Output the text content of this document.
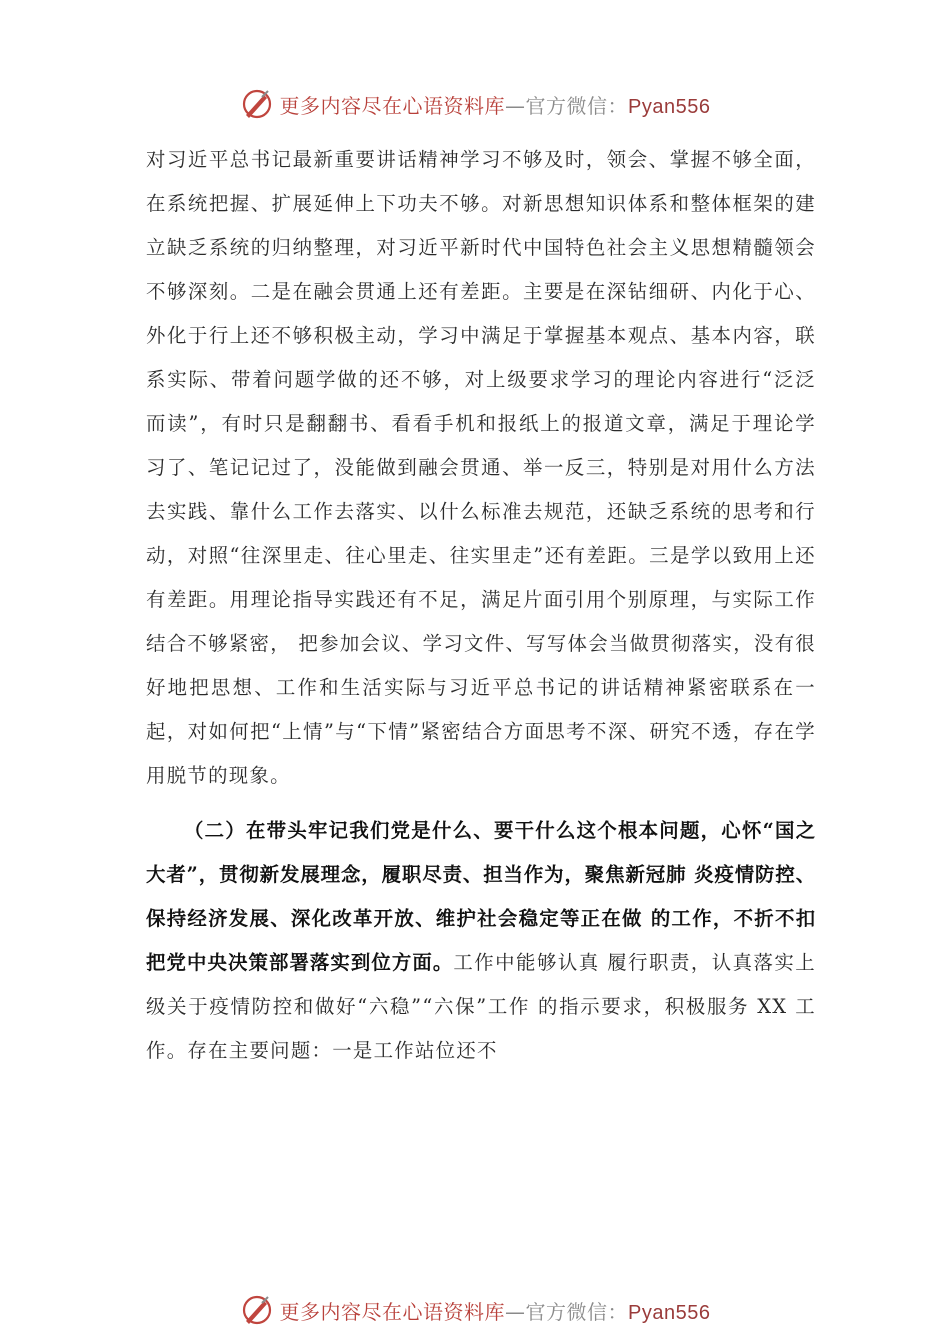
更多内容尽在心语资料库—官方微信：Pyan556

对习近平总书记最新重要讲话精神学习不够及时，领会、掌握不够全面，在系统把握、扩展延伸上下功夫不够。对新思想知识体系和整体框架的建立缺乏系统的归纳整理，对习近平新时代中国特色社会主义思想精髓领会不够深刻。二是在融会贯通上还有差距。主要是在深钻细研、内化于心、外化于行上还不够积极主动，学习中满足于掌握基本观点、基本内容，联系实际、带着问题学做的还不够，对上级要求学习的理论内容进行“泛泛而读”，有时只是翻翻书、看看手机和报纸上的报道文章，满足于理论学习了、笔记记过了，没能做到融会贯通、举一反三，特别是对用什么方法去实践、靠什么工作去落实、以什么标准去规范，还缺乏系统的思考和行动，对照“往深里走、往心里走、往实里走”还有差距。三是学以致用上还有差距。用理论指导实践还有不足，满足片面引用个别原理，与实际工作结合不够紧密， 把参加会议、学习文件、写写体会当做贯彻落实，没有很好地把思想、工作和生活实际与习近平总书记的讲话精神紧密联系在一起，对如何把“上情”与“下情”紧密结合方面思考不深、研究不透，存在学用脱节的现象。

（二）在带头牢记我们党是什么、要干什么这个根本问题，心怀“国之大者”，贯彻新发展理念，履职尽责、担当作为，聚焦新冠肺 炎疫情防控、保持经济发展、深化改革开放、维护社会稳定等正在做 的工作，不折不扣把党中央决策部署落实到位方面。工作中能够认真 履行职责，认真落实上级关于疫情防控和做好“六稳”“六保”工作 的指示要求，积极服务 XX 工作。存在主要问题：一是工作站位还不

更多内容尽在心语资料库—官方微信：Pyan556
